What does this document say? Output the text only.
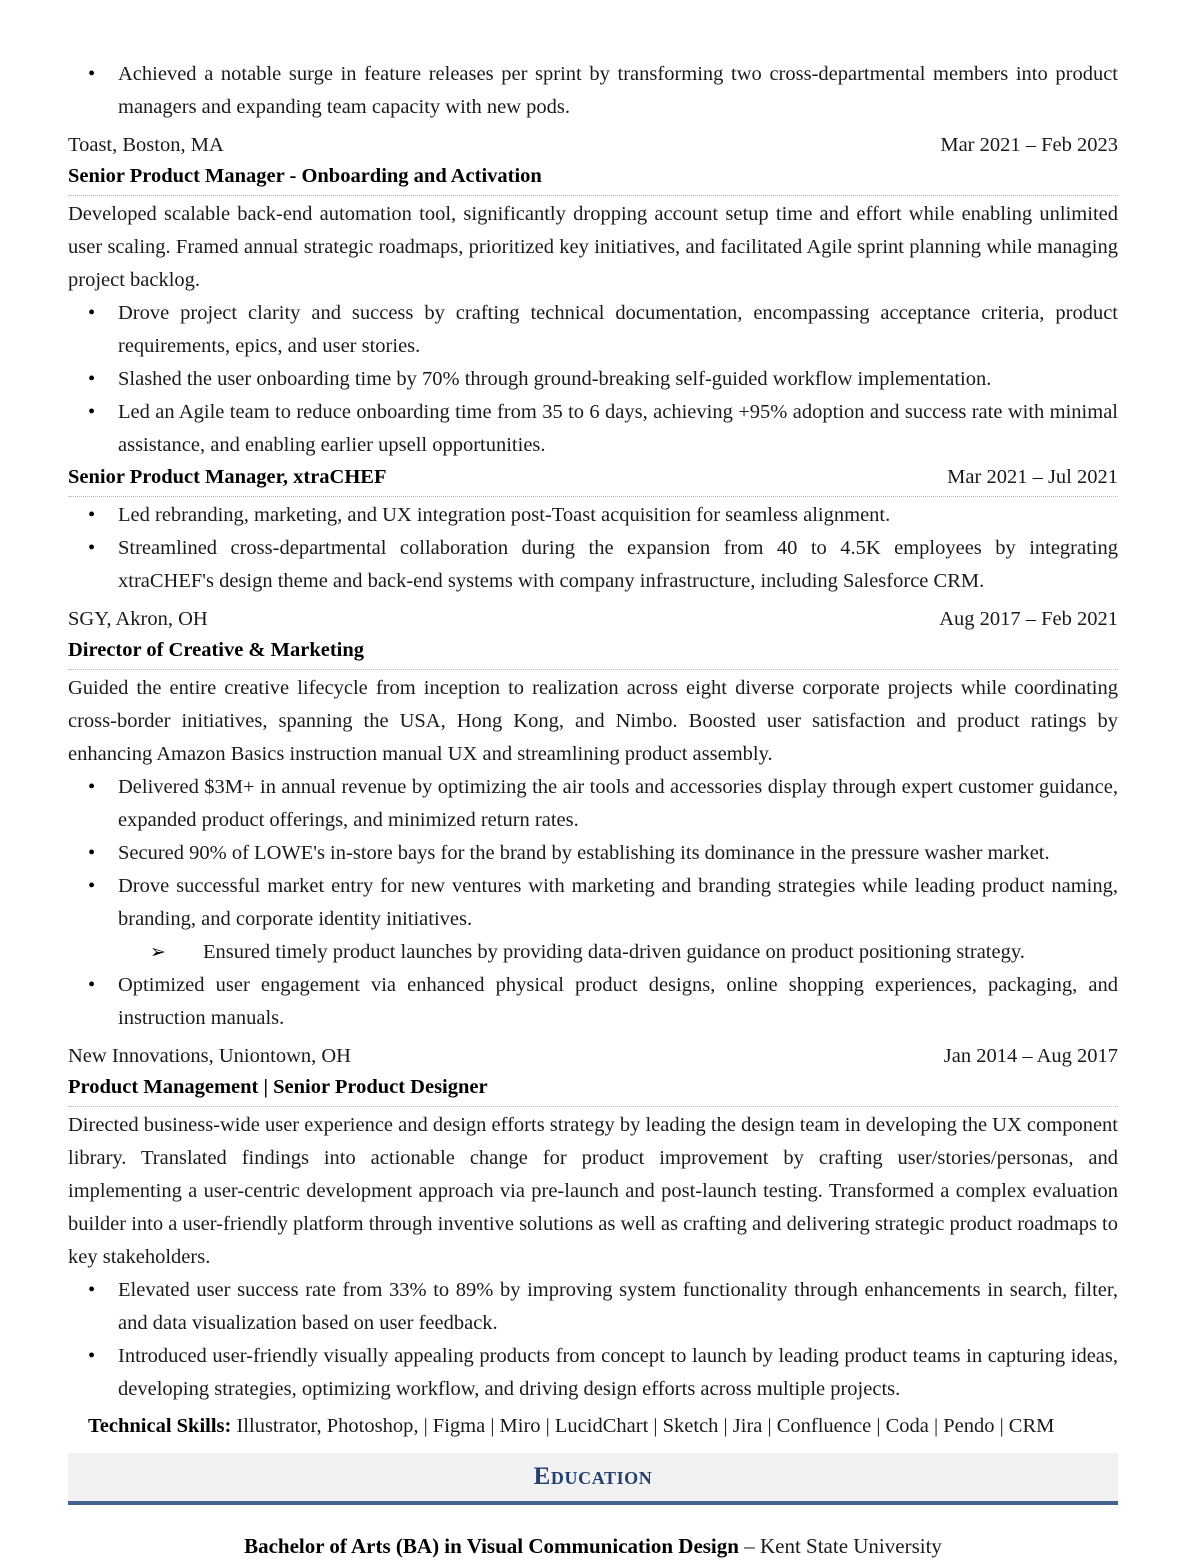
• Achieved a notable surge in feature releases per sprint by transforming two cross-departmental members into product managers and expanding team capacity with new pods.
Toast, Boston, MA	Mar 2021 – Feb 2023
Senior Product Manager - Onboarding and Activation

Developed scalable back-end automation tool, significantly dropping account setup time and effort while enabling unlimited user scaling. Framed annual strategic roadmaps, prioritized key initiatives, and facilitated Agile sprint planning while managing project backlog.

• Drove project clarity and success by crafting technical documentation, encompassing acceptance criteria, product requirements, epics, and user stories.
• Slashed the user onboarding time by 70% through ground-breaking self-guided workflow implementation.
• Led an Agile team to reduce onboarding time from 35 to 6 days, achieving +95% adoption and success rate with minimal assistance, and enabling earlier upsell opportunities.
Senior Product Manager, xtraCHEF	Mar 2021 – Jul 2021
• Led rebranding, marketing, and UX integration post-Toast acquisition for seamless alignment.
• Streamlined cross-departmental collaboration during the expansion from 40 to 4.5K employees by integrating xtraCHEF's design theme and back-end systems with company infrastructure, including Salesforce CRM.
SGY, Akron, OH	Aug 2017 – Feb 2021
Director of Creative & Marketing

Guided the entire creative lifecycle from inception to realization across eight diverse corporate projects while coordinating cross-border initiatives, spanning the USA, Hong Kong, and Nimbo. Boosted user satisfaction and product ratings by enhancing Amazon Basics instruction manual UX and streamlining product assembly.

• Delivered $3M+ in annual revenue by optimizing the air tools and accessories display through expert customer guidance, expanded product offerings, and minimized return rates.
• Secured 90% of LOWE's in-store bays for the brand by establishing its dominance in the pressure washer market.
• Drove successful market entry for new ventures with marketing and branding strategies while leading product naming, branding, and corporate identity initiatives.
➢ Ensured timely product launches by providing data-driven guidance on product positioning strategy.
• Optimized user engagement via enhanced physical product designs, online shopping experiences, packaging, and instruction manuals.
New Innovations, Uniontown, OH	Jan 2014 – Aug 2017
Product Management | Senior Product Designer

Directed business-wide user experience and design efforts strategy by leading the design team in developing the UX component library. Translated findings into actionable change for product improvement by crafting user/stories/personas, and implementing a user-centric development approach via pre-launch and post-launch testing. Transformed a complex evaluation builder into a user-friendly platform through inventive solutions as well as crafting and delivering strategic product roadmaps to key stakeholders.

• Elevated user success rate from 33% to 89% by improving system functionality through enhancements in search, filter, and data visualization based on user feedback.
• Introduced user-friendly visually appealing products from concept to launch by leading product teams in capturing ideas, developing strategies, optimizing workflow, and driving design efforts across multiple projects.
Technical Skills: Illustrator, Photoshop, | Figma | Miro | LucidChart | Sketch | Jira | Confluence | Coda | Pendo | CRM
Education
Bachelor of Arts (BA) in Visual Communication Design – Kent State University
